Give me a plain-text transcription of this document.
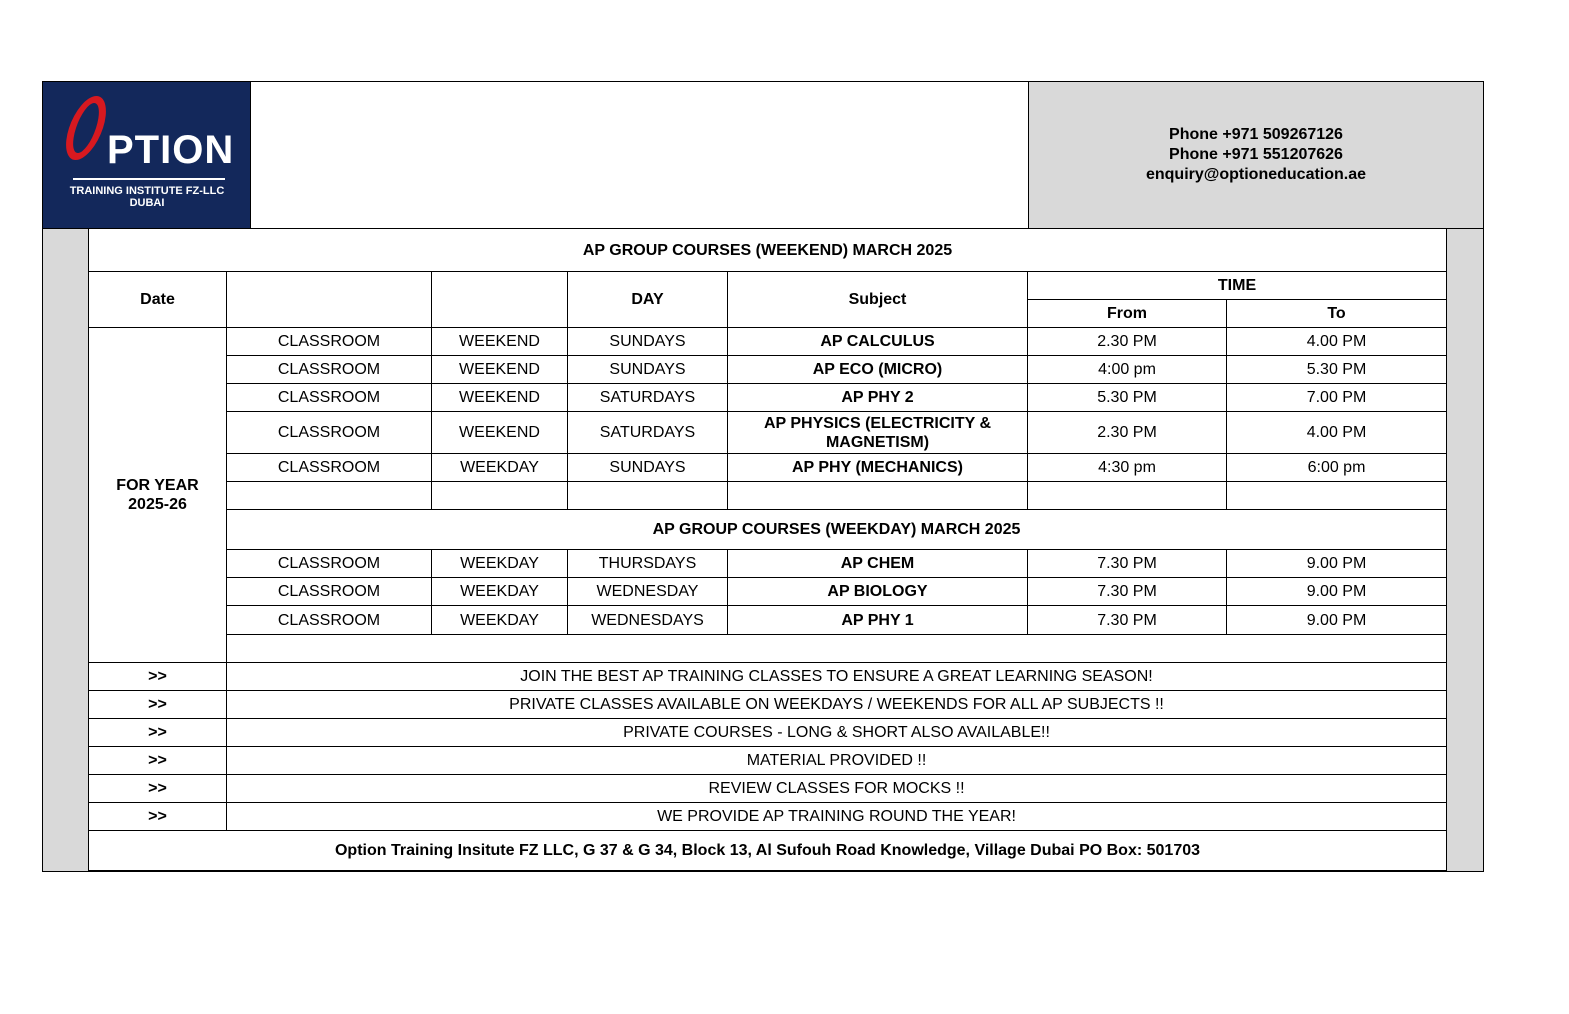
PTION
TRAINING INSTITUTE FZ-LLC
DUBAI
Phone +971 509267126
Phone +971 551207626
enquiry@optioneducation.ae
AP GROUP COURSES (WEEKEND) MARCH 2025						
Date			DAY	Subject	TIME	
					From	To

FOR YEAR
2025-26	CLASSROOM	WEEKEND	SUNDAYS	AP CALCULUS	2.30 PM	4.00 PM
	CLASSROOM	WEEKEND	SUNDAYS	AP ECO (MICRO)	4:00 pm	5.30 PM
	CLASSROOM	WEEKEND	SATURDAYS	AP PHY 2	5.30 PM	7.00 PM
	CLASSROOM	WEEKEND	SATURDAYS	AP PHYSICS (ELECTRICITY &
MAGNETISM)	2.30 PM	4.00 PM
	CLASSROOM	WEEKDAY	SUNDAYS	AP PHY (MECHANICS)	4:30 pm	6:00 pm

	AP GROUP COURSES (WEEKDAY) MARCH 2025					
	CLASSROOM	WEEKDAY	THURSDAYS	AP CHEM	7.30 PM	9.00 PM
	CLASSROOM	WEEKDAY	WEDNESDAY	AP BIOLOGY	7.30 PM	9.00 PM
	CLASSROOM	WEEKDAY	WEDNESDAYS	AP PHY 1	7.30 PM	9.00 PM

>>	JOIN THE BEST AP TRAINING CLASSES TO ENSURE A GREAT LEARNING SEASON!					
>>	PRIVATE CLASSES AVAILABLE ON WEEKDAYS / WEEKENDS FOR ALL AP SUBJECTS !!					
>>	PRIVATE COURSES - LONG & SHORT ALSO AVAILABLE!!					
>>	MATERIAL PROVIDED !!					
>>	REVIEW CLASSES FOR MOCKS !!					
>>	WE PROVIDE AP TRAINING ROUND THE YEAR!					
Option Training Insitute FZ LLC, G 37 & G 34, Block 13, Al Sufouh Road Knowledge, Village Dubai PO Box: 501703						
